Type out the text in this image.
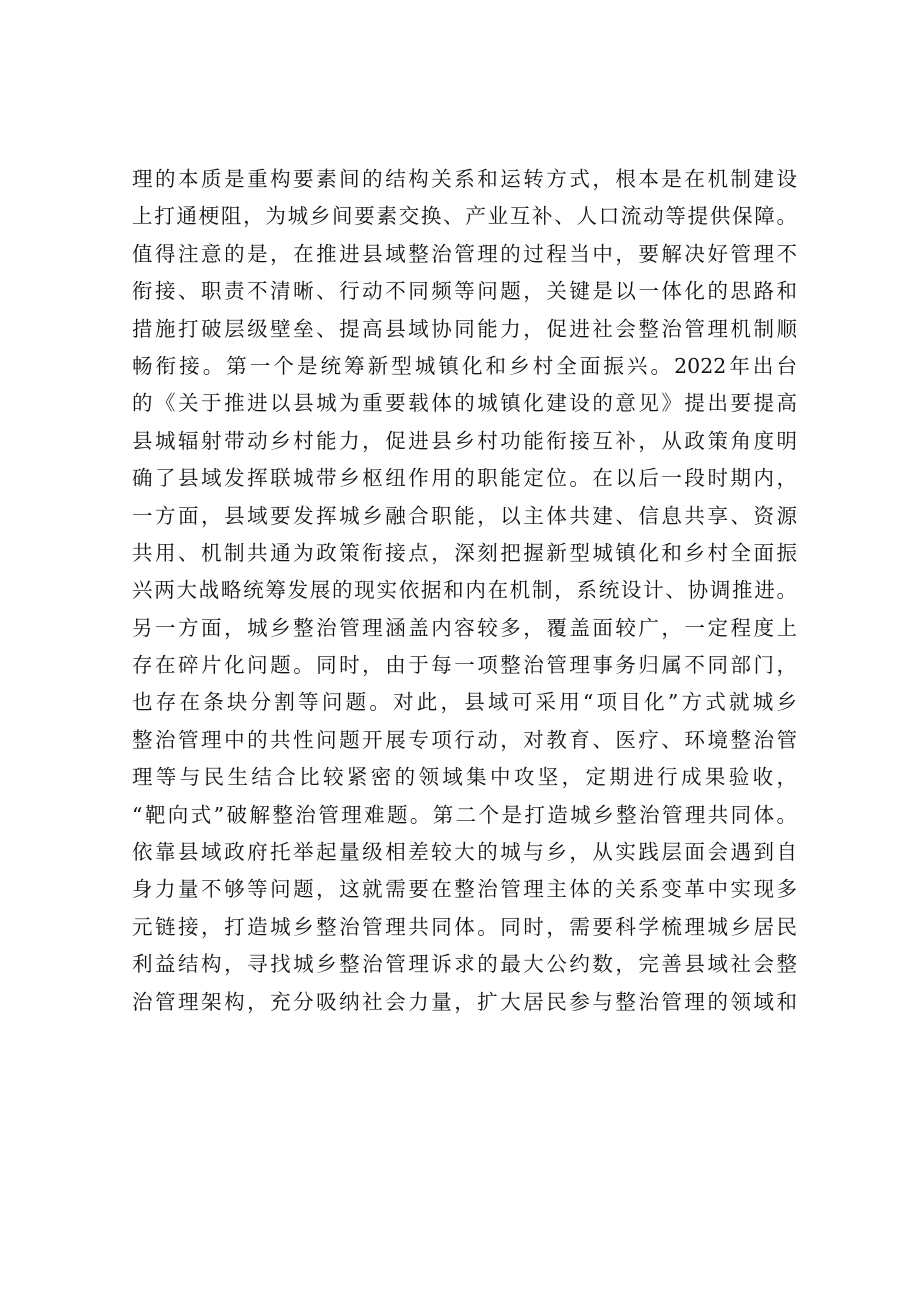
理的本质是重构要素间的结构关系和运转方式，根本是在机制建设
上打通梗阻，为城乡间要素交换、产业互补、人口流动等提供保障。
值得注意的是，在推进县域整治管理的过程当中，要解决好管理不
衔接、职责不清晰、行动不同频等问题，关键是以一体化的思路和
措施打破层级壁垒、提高县域协同能力，促进社会整治管理机制顺
畅衔接。第一个是统筹新型城镇化和乡村全面振兴。2022年出台
的《关于推进以县城为重要载体的城镇化建设的意见》提出要提高
县城辐射带动乡村能力，促进县乡村功能衔接互补，从政策角度明
确了县域发挥联城带乡枢纽作用的职能定位。在以后一段时期内，
一方面，县域要发挥城乡融合职能，以主体共建、信息共享、资源
共用、机制共通为政策衔接点，深刻把握新型城镇化和乡村全面振
兴两大战略统筹发展的现实依据和内在机制，系统设计、协调推进。
另一方面，城乡整治管理涵盖内容较多，覆盖面较广，一定程度上
存在碎片化问题。同时，由于每一项整治管理事务归属不同部门，
也存在条块分割等问题。对此，县域可采用“项目化”方式就城乡
整治管理中的共性问题开展专项行动，对教育、医疗、环境整治管
理等与民生结合比较紧密的领域集中攻坚，定期进行成果验收，
“靶向式”破解整治管理难题。第二个是打造城乡整治管理共同体。
依靠县域政府托举起量级相差较大的城与乡，从实践层面会遇到自
身力量不够等问题，这就需要在整治管理主体的关系变革中实现多
元链接，打造城乡整治管理共同体。同时，需要科学梳理城乡居民
利益结构，寻找城乡整治管理诉求的最大公约数，完善县域社会整
治管理架构，充分吸纳社会力量，扩大居民参与整治管理的领域和
